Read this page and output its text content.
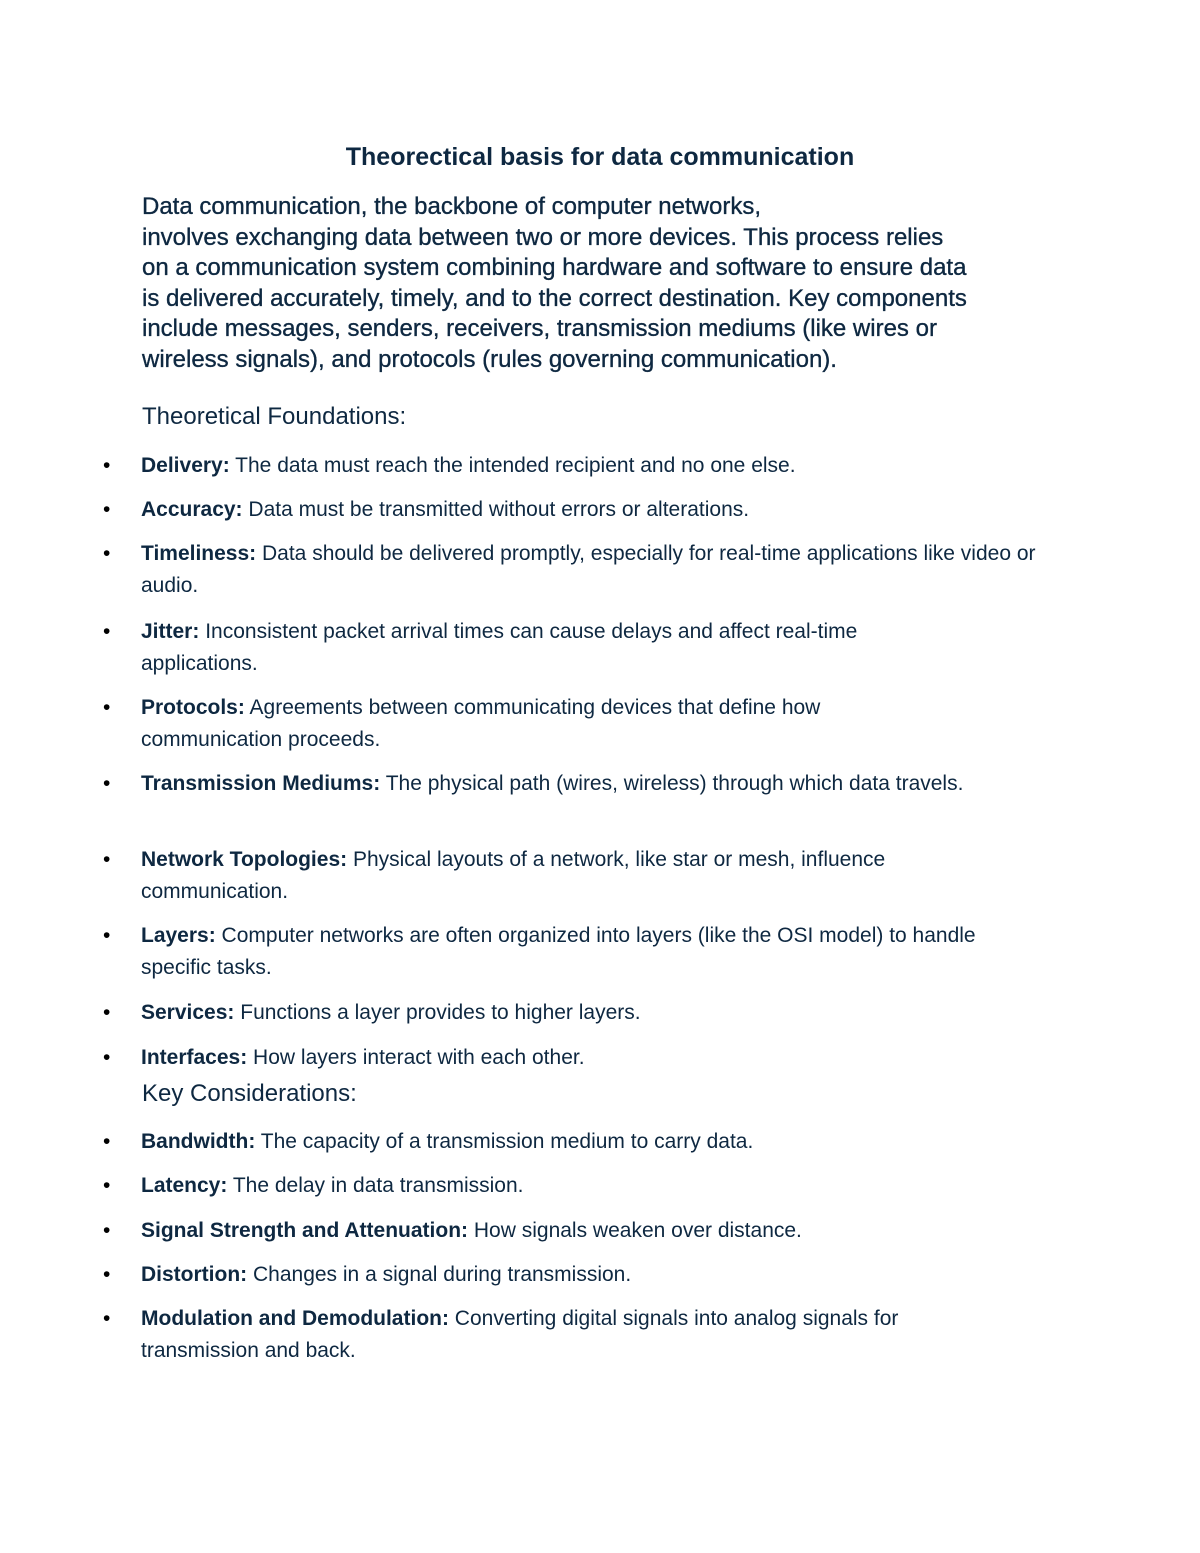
Theorectical basis for data communication

Data communication, the backbone of computer networks,
involves exchanging data between two or more devices. This process relies
on a communication system combining hardware and software to ensure data
is delivered accurately, timely, and to the correct destination. Key components
include messages, senders, receivers, transmission mediums (like wires or
wireless signals), and protocols (rules governing communication).

Theoretical Foundations:
• Delivery: The data must reach the intended recipient and no one else.
• Accuracy: Data must be transmitted without errors or alterations.
• Timeliness: Data should be delivered promptly, especially for real-time applications like video or audio.
• Jitter: Inconsistent packet arrival times can cause delays and affect real-time applications.
• Protocols: Agreements between communicating devices that define how communication proceeds.
• Transmission Mediums: The physical path (wires, wireless) through which data travels.
• Network Topologies: Physical layouts of a network, like star or mesh, influence communication.
• Layers: Computer networks are often organized into layers (like the OSI model) to handle specific tasks.
• Services: Functions a layer provides to higher layers.
• Interfaces: How layers interact with each other.
Key Considerations:
• Bandwidth: The capacity of a transmission medium to carry data.
• Latency: The delay in data transmission.
• Signal Strength and Attenuation: How signals weaken over distance.
• Distortion: Changes in a signal during transmission.
• Modulation and Demodulation: Converting digital signals into analog signals for transmission and back.
